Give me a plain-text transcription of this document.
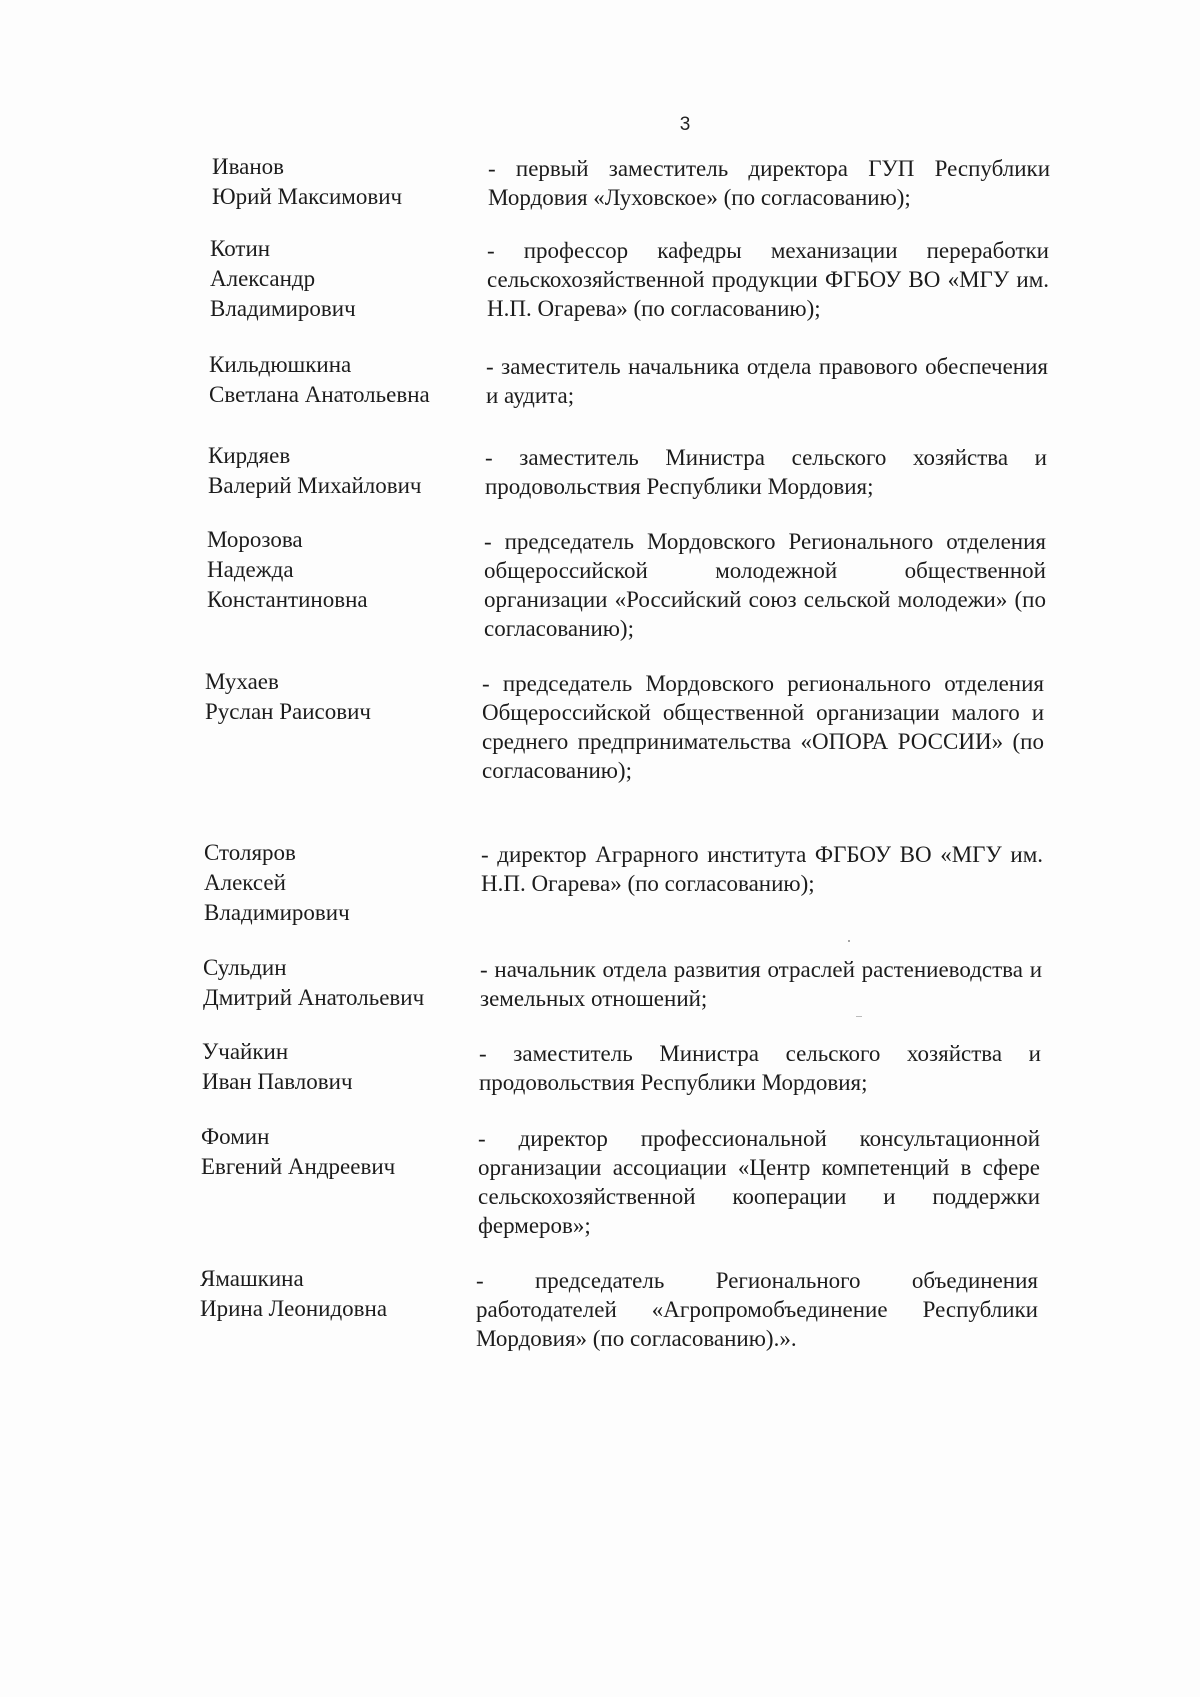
3
Иванов
Юрий Максимович
- первый заместитель директора ГУП Республики Мордовия «Луховское» (по согласованию);
Котин
Александр
Владимирович
- профессор кафедры механизации переработки сельскохозяйственной продукции ФГБОУ ВО «МГУ им. Н.П. Огарева» (по согласованию);
Кильдюшкина
Светлана Анатольевна
- заместитель начальника отдела правового обеспечения и аудита;
Кирдяев
Валерий Михайлович
- заместитель Министра сельского хозяйства и продовольствия Республики Мордовия;
Морозова
Надежда
Константиновна
- председатель Мордовского Регионального отделения общероссийской молодежной общественной организации «Российский союз сельской молодежи» (по согласованию);
Мухаев
Руслан Раисович
- председатель Мордовского регионального отделения Общероссийской общественной организации малого и среднего предпринимательства «ОПОРА РОССИИ» (по согласованию);
Столяров
Алексей
Владимирович
- директор Аграрного института ФГБОУ ВО «МГУ им. Н.П. Огарева» (по согласованию);
Сульдин
Дмитрий Анатольевич
- начальник отдела развития отраслей растениеводства и земельных отношений;
Учайкин
Иван Павлович
- заместитель Министра сельского хозяйства и продовольствия Республики Мордовия;
Фомин
Евгений Андреевич
- директор профессиональной консультационной организации ассоциации «Центр компетенций в сфере сельскохозяйственной кооперации и поддержки фермеров»;
Ямашкина
Ирина Леонидовна
- председатель Регионального объединения работодателей «Агропромобъединение Республики Мордовия» (по согласованию).».
